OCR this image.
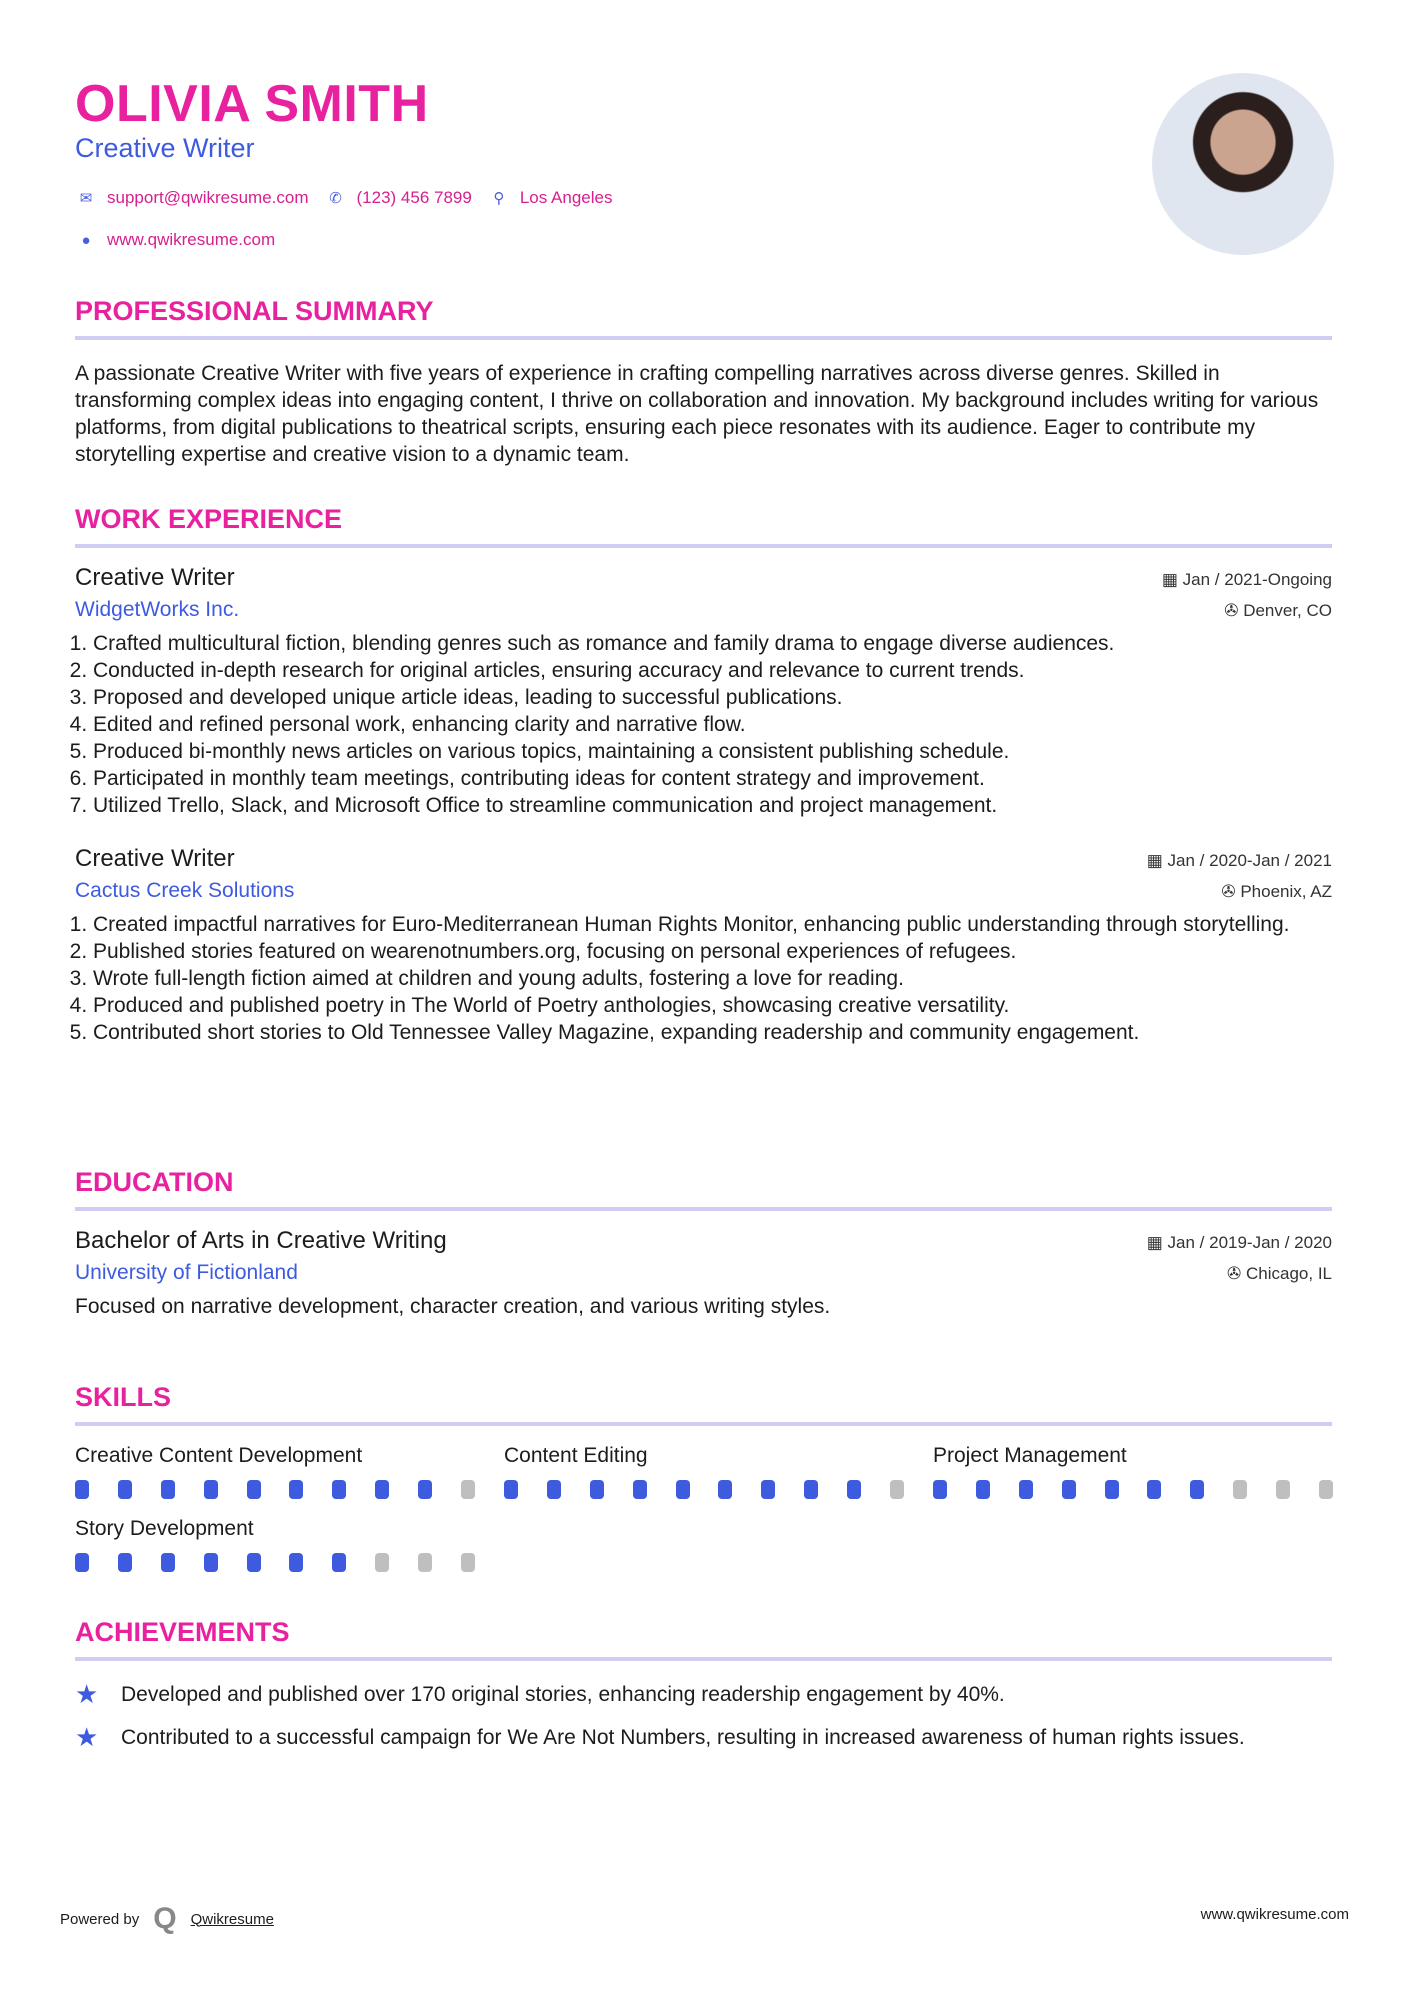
OLIVIA SMITH
Creative Writer
✉ support@qwikresume.com	✆ (123) 456 7899	⚲ Los Angeles
● www.qwikresume.com
PROFESSIONAL SUMMARY

A passionate Creative Writer with five years of experience in crafting compelling narratives across diverse genres. Skilled in transforming complex ideas into engaging content, I thrive on collaboration and innovation. My background includes writing for various platforms, from digital publications to theatrical scripts, ensuring each piece resonates with its audience. Eager to contribute my storytelling expertise and creative vision to a dynamic team.

WORK EXPERIENCE
Creative Writer	▦ Jan / 2021-Ongoing
WidgetWorks Inc.	✇ Denver, CO
1. Crafted multicultural fiction, blending genres such as romance and family drama to engage diverse audiences.
2. Conducted in-depth research for original articles, ensuring accuracy and relevance to current trends.
3. Proposed and developed unique article ideas, leading to successful publications.
4. Edited and refined personal work, enhancing clarity and narrative flow.
5. Produced bi-monthly news articles on various topics, maintaining a consistent publishing schedule.
6. Participated in monthly team meetings, contributing ideas for content strategy and improvement.
7. Utilized Trello, Slack, and Microsoft Office to streamline communication and project management.
Creative Writer	▦ Jan / 2020-Jan / 2021
Cactus Creek Solutions	✇ Phoenix, AZ
1. Created impactful narratives for Euro-Mediterranean Human Rights Monitor, enhancing public understanding through storytelling.
2. Published stories featured on wearenotnumbers.org, focusing on personal experiences of refugees.
3. Wrote full-length fiction aimed at children and young adults, fostering a love for reading.
4. Produced and published poetry in The World of Poetry anthologies, showcasing creative versatility.
5. Contributed short stories to Old Tennessee Valley Magazine, expanding readership and community engagement.
EDUCATION
Bachelor of Arts in Creative Writing	▦ Jan / 2019-Jan / 2020
University of Fictionland	✇ Chicago, IL

Focused on narrative development, character creation, and various writing styles.

SKILLS
Creative Content Development	Content Editing	Project Management
Story Development
ACHIEVEMENTS
★	Developed and published over 170 original stories, enhancing readership engagement by 40%.
★	Contributed to a successful campaign for We Are Not Numbers, resulting in increased awareness of human rights issues.
Powered by Q Qwikresume	www.qwikresume.com
